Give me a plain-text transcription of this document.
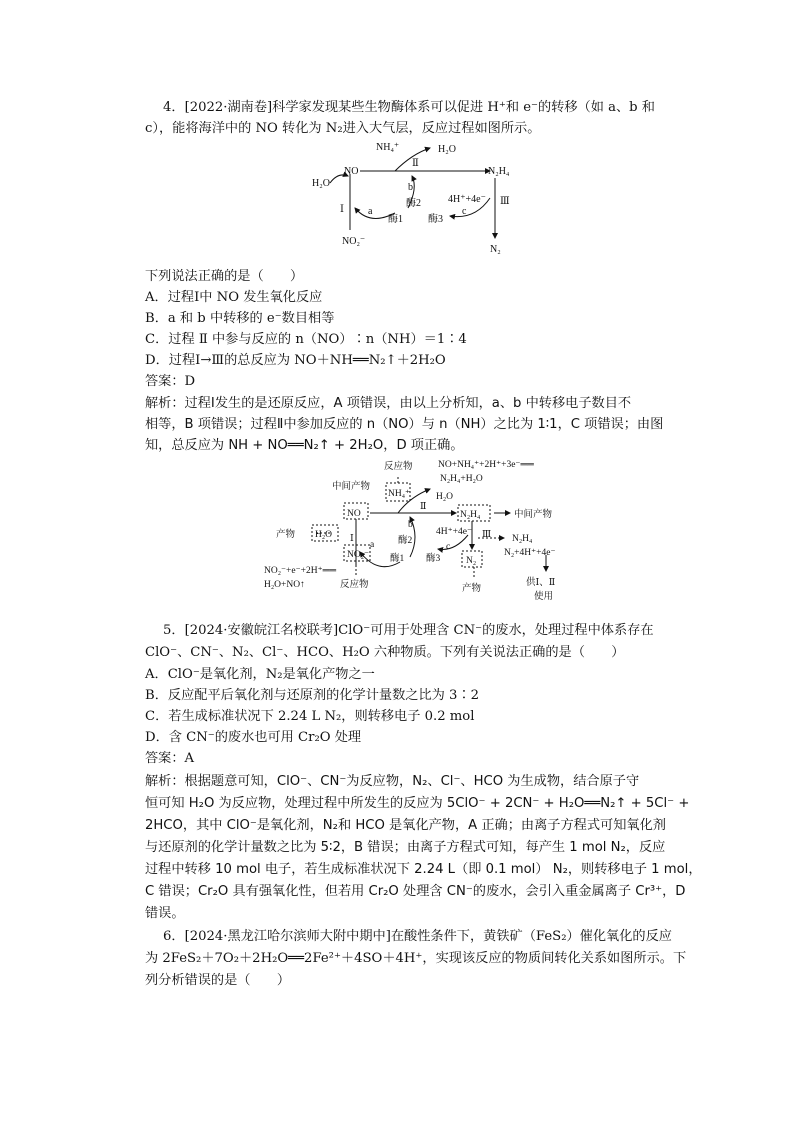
4．[2022·湖南卷]科学家发现某些生物酶体系可以促进 H⁺和 e⁻的转移（如 a、b 和
c），能将海洋中的 NO 转化为 N₂进入大气层，反应过程如图所示。
NH₄⁺	H₂O
Ⅱ
NO	N₂H₄
H₂O	b
酶2	4H⁺+4e⁻ Ⅲ
Ⅰ a
酶1
c
酶3
NO₂⁻
N₂
下列说法正确的是（　　）
A．过程Ⅰ中 NO 发生氧化反应
B．a 和 b 中转移的 e⁻数目相等
C．过程 Ⅱ 中参与反应的 n（NO）∶n（NH）＝1∶4
D．过程Ⅰ→Ⅲ的总反应为 NO＋NH══N₂↑＋2H₂O
答案：D
解析：过程Ⅰ发生的是还原反应，A 项错误，由以上分析知，a、b 中转移电子数目不
相等，B 项错误；过程Ⅱ中参加反应的 n（NO）与 n（NH）之比为 1∶1，C 项错误；由图
知，总反应为 NH + NO══N₂↑ + 2H₂O，D 项正确。
反应物	NO+NH₄⁺+2H⁺+3e⁻══
N₂H₄+H₂O
中间产物
NH₄⁺	H₂O
NO
Ⅱ
N₂H₄	中间产物
产物 H₂O
b
NO₂⁻
a	酶2
4H⁺+4e⁻ Ⅲ N₂H₄
N₂+4H⁺+4e⁻
Ⅰ
NO₂⁻+e⁻+2H⁺══
H₂O+NO↑	反应物
酶1
c
酶3	N₂
产物
供Ⅰ、Ⅱ
使用
5．[2024·安徽皖江名校联考]ClO⁻可用于处理含 CN⁻的废水，处理过程中体系存在
ClO⁻、CN⁻、N₂、Cl⁻、HCO、H₂O 六种物质。下列有关说法正确的是（　　）
A．ClO⁻是氧化剂，N₂是氧化产物之一
B．反应配平后氧化剂与还原剂的化学计量数之比为 3∶2
C．若生成标准状况下 2.24 L N₂，则转移电子 0.2 mol
D．含 CN⁻的废水也可用 Cr₂O 处理
答案：A
解析：根据题意可知，ClO⁻、CN⁻为反应物，N₂、Cl⁻、HCO 为生成物，结合原子守
恒可知 H₂O 为反应物，处理过程中所发生的反应为 5ClO⁻ + 2CN⁻ + H₂O══N₂↑ + 5Cl⁻ +
2HCO，其中 ClO⁻是氧化剂，N₂和 HCO 是氧化产物，A 正确；由离子方程式可知氧化剂
与还原剂的化学计量数之比为 5∶2，B 错误；由离子方程式可知，每产生 1 mol N₂，反应
过程中转移 10 mol 电子，若生成标准状况下 2.24 L（即 0.1 mol） N₂，则转移电子 1 mol，
C 错误；Cr₂O 具有强氧化性，但若用 Cr₂O 处理含 CN⁻的废水，会引入重金属离子 Cr³⁺，D
错误。
6．[2024·黑龙江哈尔滨师大附中期中]在酸性条件下，黄铁矿（FeS₂）催化氧化的反应
为 2FeS₂＋7O₂＋2H₂O══2Fe²⁺＋4SO＋4H⁺，实现该反应的物质间转化关系如图所示。下
列分析错误的是（　　）
